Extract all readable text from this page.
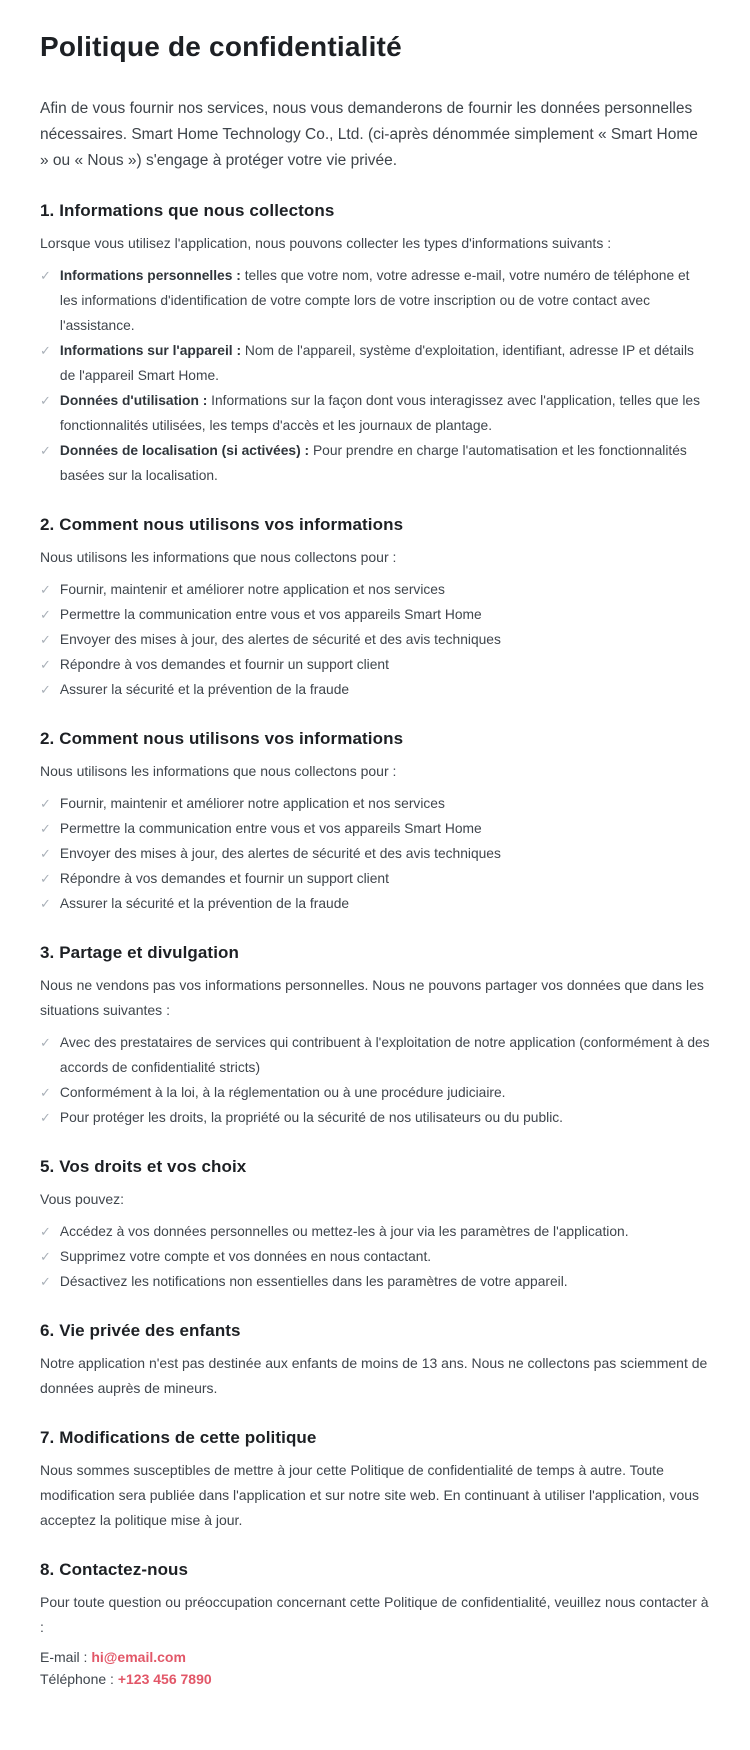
Politique de confidentialité

Afin de vous fournir nos services, nous vous demanderons de fournir les données personnelles nécessaires. Smart Home Technology Co., Ltd. (ci-après dénommée simplement « Smart Home » ou « Nous ») s'engage à protéger votre vie privée.

1. Informations que nous collectons

Lorsque vous utilisez l'application, nous pouvons collecter les types d'informations suivants :

✓ Informations personnelles : telles que votre nom, votre adresse e-mail, votre numéro de téléphone et les informations d'identification de votre compte lors de votre inscription ou de votre contact avec l'assistance.
✓ Informations sur l'appareil : Nom de l'appareil, système d'exploitation, identifiant, adresse IP et détails de l'appareil Smart Home.
✓ Données d'utilisation : Informations sur la façon dont vous interagissez avec l'application, telles que les fonctionnalités utilisées, les temps d'accès et les journaux de plantage.
✓ Données de localisation (si activées) : Pour prendre en charge l'automatisation et les fonctionnalités basées sur la localisation.
2. Comment nous utilisons vos informations

Nous utilisons les informations que nous collectons pour :

✓ Fournir, maintenir et améliorer notre application et nos services
✓ Permettre la communication entre vous et vos appareils Smart Home
✓ Envoyer des mises à jour, des alertes de sécurité et des avis techniques
✓ Répondre à vos demandes et fournir un support client
✓ Assurer la sécurité et la prévention de la fraude
2. Comment nous utilisons vos informations

Nous utilisons les informations que nous collectons pour :

✓ Fournir, maintenir et améliorer notre application et nos services
✓ Permettre la communication entre vous et vos appareils Smart Home
✓ Envoyer des mises à jour, des alertes de sécurité et des avis techniques
✓ Répondre à vos demandes et fournir un support client
✓ Assurer la sécurité et la prévention de la fraude
3. Partage et divulgation

Nous ne vendons pas vos informations personnelles. Nous ne pouvons partager vos données que dans les situations suivantes :

✓ Avec des prestataires de services qui contribuent à l'exploitation de notre application (conformément à des accords de confidentialité stricts)
✓ Conformément à la loi, à la réglementation ou à une procédure judiciaire.
✓ Pour protéger les droits, la propriété ou la sécurité de nos utilisateurs ou du public.
5. Vos droits et vos choix

Vous pouvez:

✓ Accédez à vos données personnelles ou mettez-les à jour via les paramètres de l'application.
✓ Supprimez votre compte et vos données en nous contactant.
✓ Désactivez les notifications non essentielles dans les paramètres de votre appareil.
6. Vie privée des enfants

Notre application n'est pas destinée aux enfants de moins de 13 ans. Nous ne collectons pas sciemment de données auprès de mineurs.

7. Modifications de cette politique

Nous sommes susceptibles de mettre à jour cette Politique de confidentialité de temps à autre. Toute modification sera publiée dans l'application et sur notre site web. En continuant à utiliser l'application, vous acceptez la politique mise à jour.

8. Contactez-nous

Pour toute question ou préoccupation concernant cette Politique de confidentialité, veuillez nous contacter à :

E-mail : hi@email.com

Téléphone : +123 456 7890
